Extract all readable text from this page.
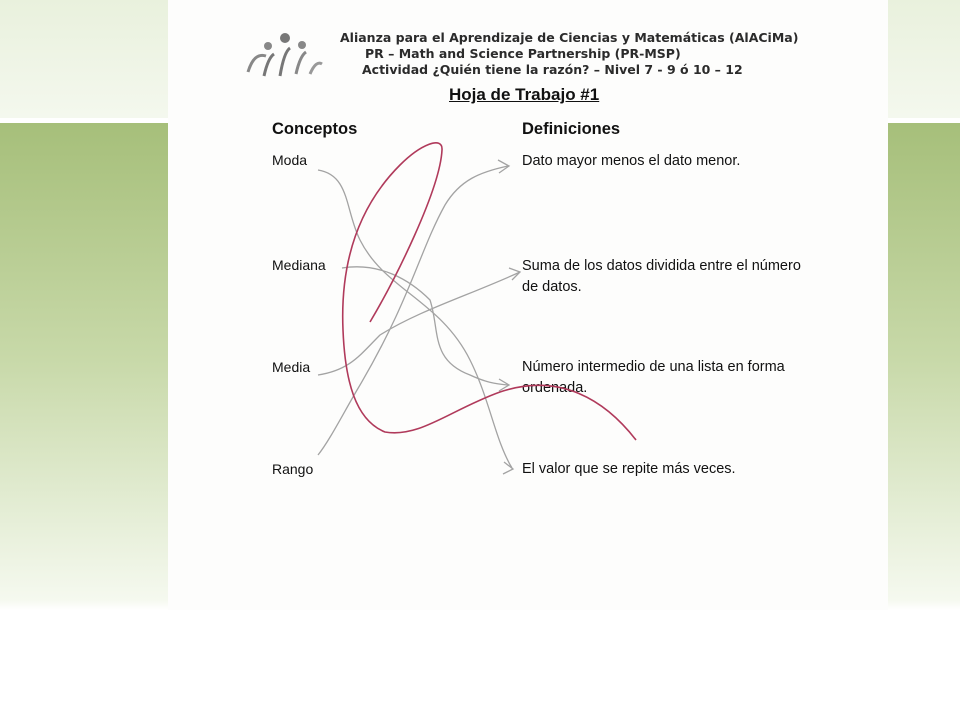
Alianza para el Aprendizaje de Ciencias y Matemáticas (AlACiMa)
PR – Math and Science Partnership (PR-MSP)
Actividad ¿Quién tiene la razón? – Nivel 7 - 9 ó 10 – 12
Hoja de Trabajo #1
Conceptos	Definiciones
Moda
Mediana
Media
Rango
Dato mayor menos el dato menor.
Suma de los datos dividida entre el número de datos.
Número intermedio de una lista en forma ordenada.
El valor que se repite más veces.
